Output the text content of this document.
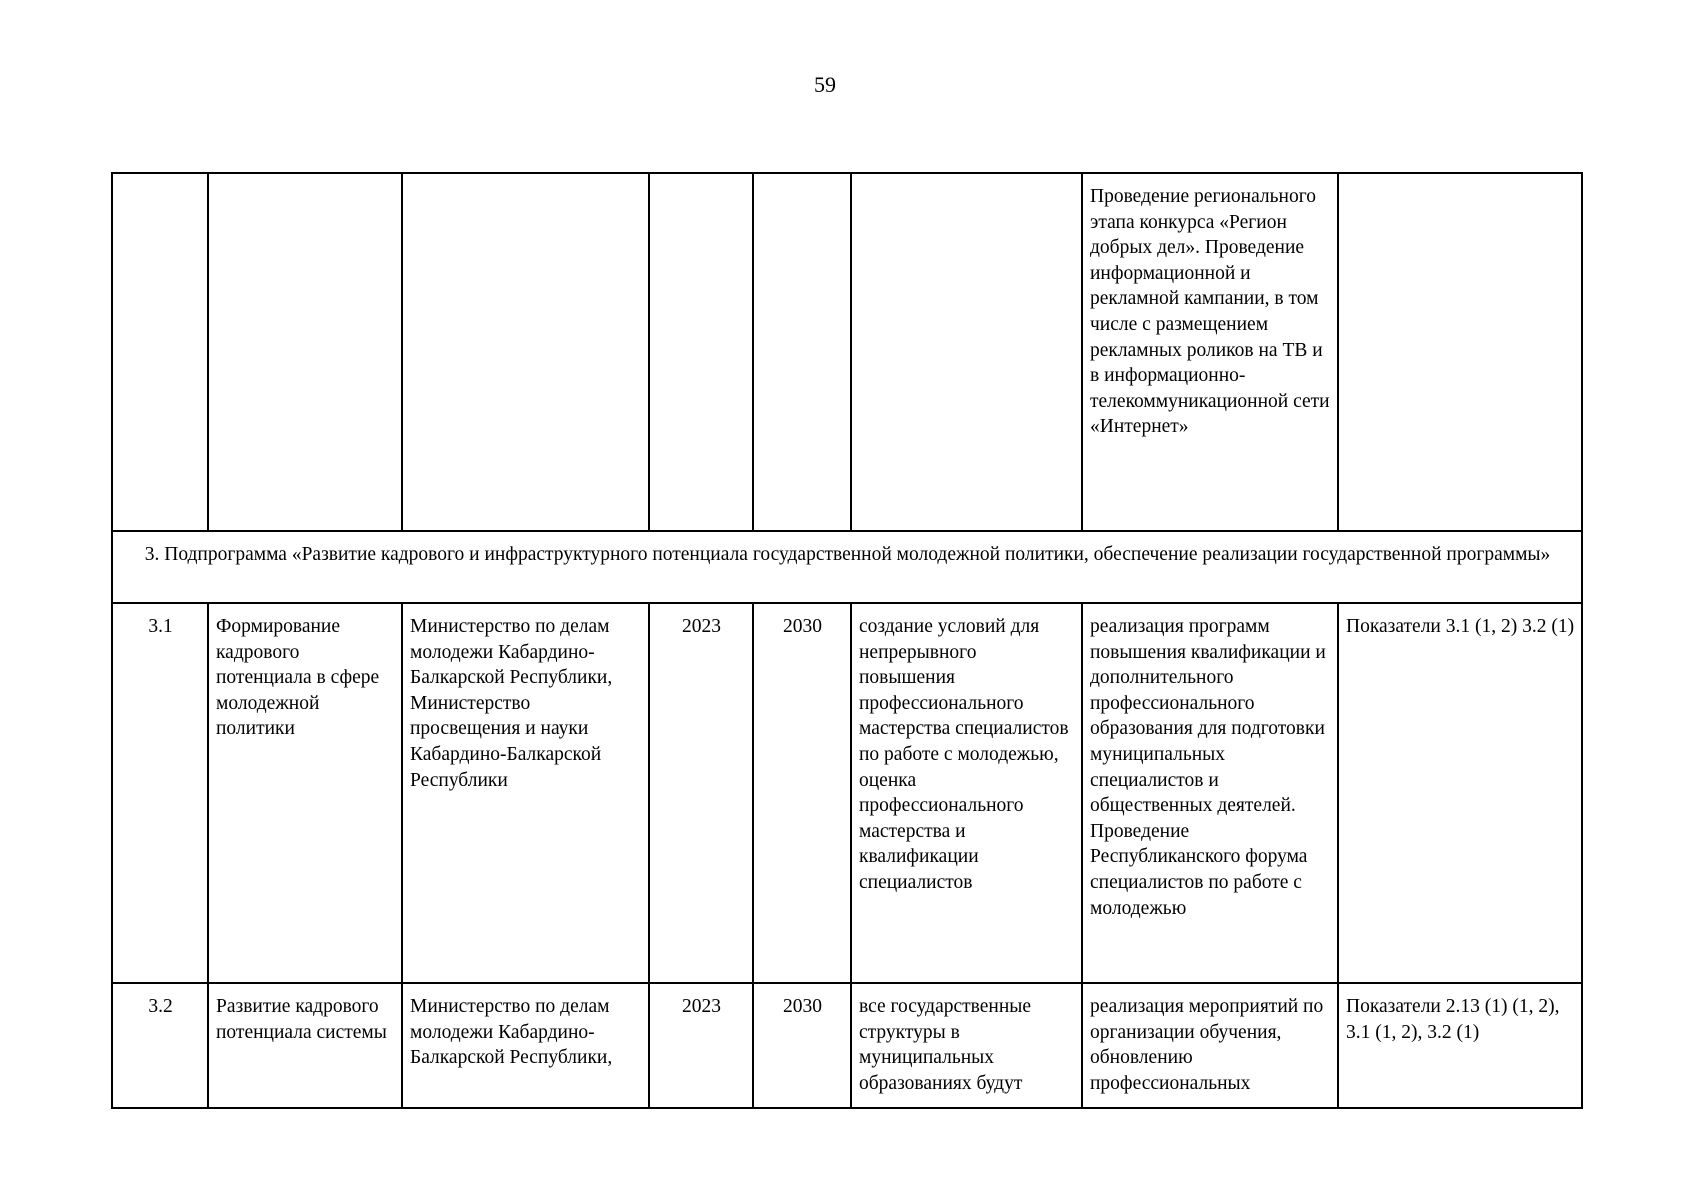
59
						Проведение регионального этапа конкурса «Регион добрых дел». Проведение информационной и рекламной кампании, в том числе с размещением рекламных роликов на ТВ и в информационно-телекоммуникационной сети «Интернет»	
3. Подпрограмма «Развитие кадрового и инфраструктурного потенциала государственной молодежной политики, обеспечение реализации государственной программы»							
3.1	Формирование кадрового потенциала в сфере молодежной политики	Министерство по делам молодежи Кабардино-Балкарской Республики, Министерство просвещения и науки Кабардино-Балкарской Республики	2023	2030	создание условий для непрерывного повышения профессионального мастерства специалистов по работе с молодежью, оценка профессионального мастерства и квалификации специалистов	реализация программ повышения квалификации и дополнительного профессионального образования для подготовки муниципальных специалистов и общественных деятелей. Проведение Республиканского форума специалистов по работе с молодежью	Показатели 3.1 (1, 2) 3.2 (1)
3.2	Развитие кадрового потенциала системы	Министерство по делам молодежи Кабардино-Балкарской Республики,	2023	2030	все государственные структуры в муниципальных образованиях будут	реализация мероприятий по организации обучения, обновлению профессиональных	Показатели 2.13 (1) (1, 2), 3.1 (1, 2), 3.2 (1)
